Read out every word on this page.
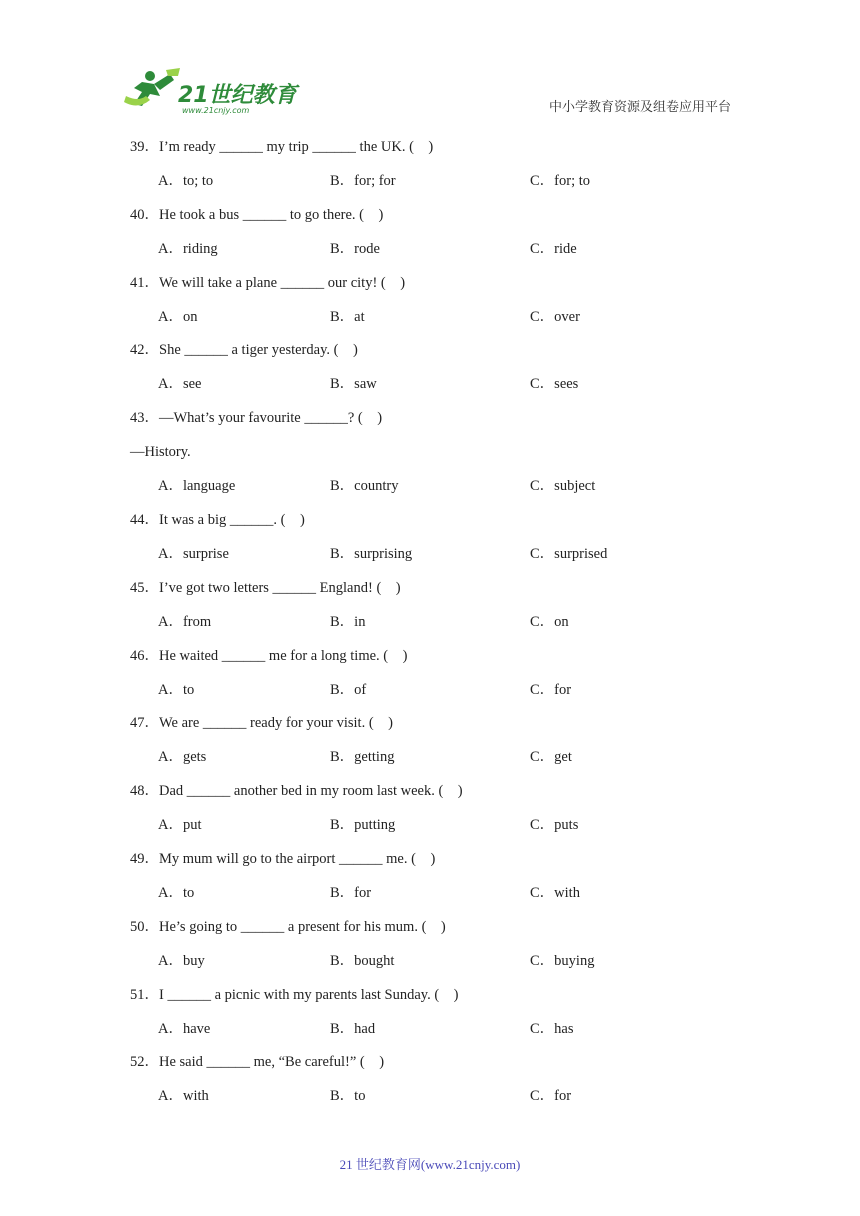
21世纪教育
www.21cnjy.com	中小学教育资源及组卷应用平台
39．I’m ready ______ my trip ______ the UK. (　)
A．to; to	B．for; for	C．for; to
40．He took a bus ______ to go there. (　)
A．riding	B．rode	C．ride
41．We will take a plane ______ our city! (　)
A．on	B．at	C．over
42．She ______ a tiger yesterday. (　)
A．see	B．saw	C．sees
43．—What’s your favourite ______? (　)
—History.
A．language	B．country	C．subject
44．It was a big ______. (　)
A．surprise	B．surprising	C．surprised
45．I’ve got two letters ______ England! (　)
A．from	B．in	C．on
46．He waited ______ me for a long time. (　)
A．to	B．of	C．for
47．We are ______ ready for your visit. (　)
A．gets	B．getting	C．get
48．Dad ______ another bed in my room last week. (　)
A．put	B．putting	C．puts
49．My mum will go to the airport ______ me. (　)
A．to	B．for	C．with
50．He’s going to ______ a present for his mum. (　)
A．buy	B．bought	C．buying
51．I ______ a picnic with my parents last Sunday. (　)
A．have	B．had	C．has
52．He said ______ me, “Be careful!” (　)
A．with	B．to	C．for
21 世纪教育网(www.21cnjy.com)
